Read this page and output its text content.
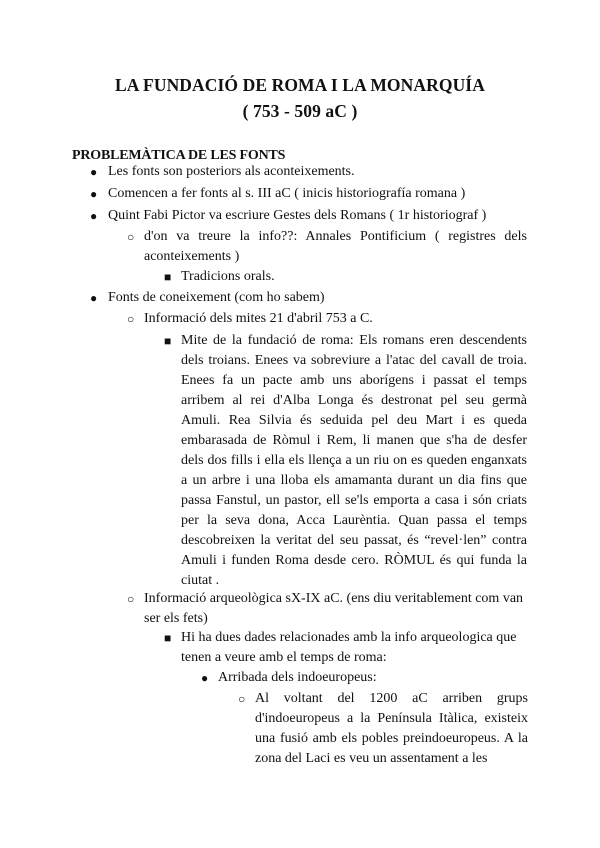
LA FUNDACIÓ DE ROMA I LA MONARQUÍA
( 753 - 509 aC )
PROBLEMÀTICA DE LES FONTS
● Les fonts son posteriors als aconteixements.
● Comencen a fer fonts al s. III aC ( inicis historiografía romana )
● Quint Fabi Pictor va escriure Gestes dels Romans ( 1r historiograf )
○ d'on va treure la info??: Annales Pontificium ( registres dels aconteixements )
■ Tradicions orals.
● Fonts de coneixement (com ho sabem)
○ Informació dels mites 21 d'abril 753 a C.
■ Mite de la fundació de roma: Els romans eren descendents dels troians. Enees va sobreviure a l'atac del cavall de troia. Enees fa un pacte amb uns aborígens i passat el temps arribem al rei d'Alba Longa és destronat pel seu germà Amuli. Rea Silvia és seduida pel deu Mart i es queda embarasada de Ròmul i Rem, li manen que s'ha de desfer dels dos fills i ella els llença a un riu on es queden enganxats a un arbre i una lloba els amamanta durant un dia fins que passa Fanstul, un pastor, ell se'ls emporta a casa i són criats per la seva dona, Acca Laurèntia. Quan passa el temps descobreixen la veritat del seu passat, és “revel·len” contra Amuli i funden Roma desde cero. RÒMUL és qui funda la ciutat .
○ Informació arqueològica sX-IX aC. (ens diu veritablement com van ser els fets)
■ Hi ha dues dades relacionades amb la info arqueologica que tenen a veure amb el temps de roma:
● Arribada dels indoeuropeus:
○ Al voltant del 1200 aC arriben grups d'indoeuropeus a la Península Itàlica, existeix una fusió amb els pobles preindoeuropeus. A la zona del Laci es veu un assentament a les
